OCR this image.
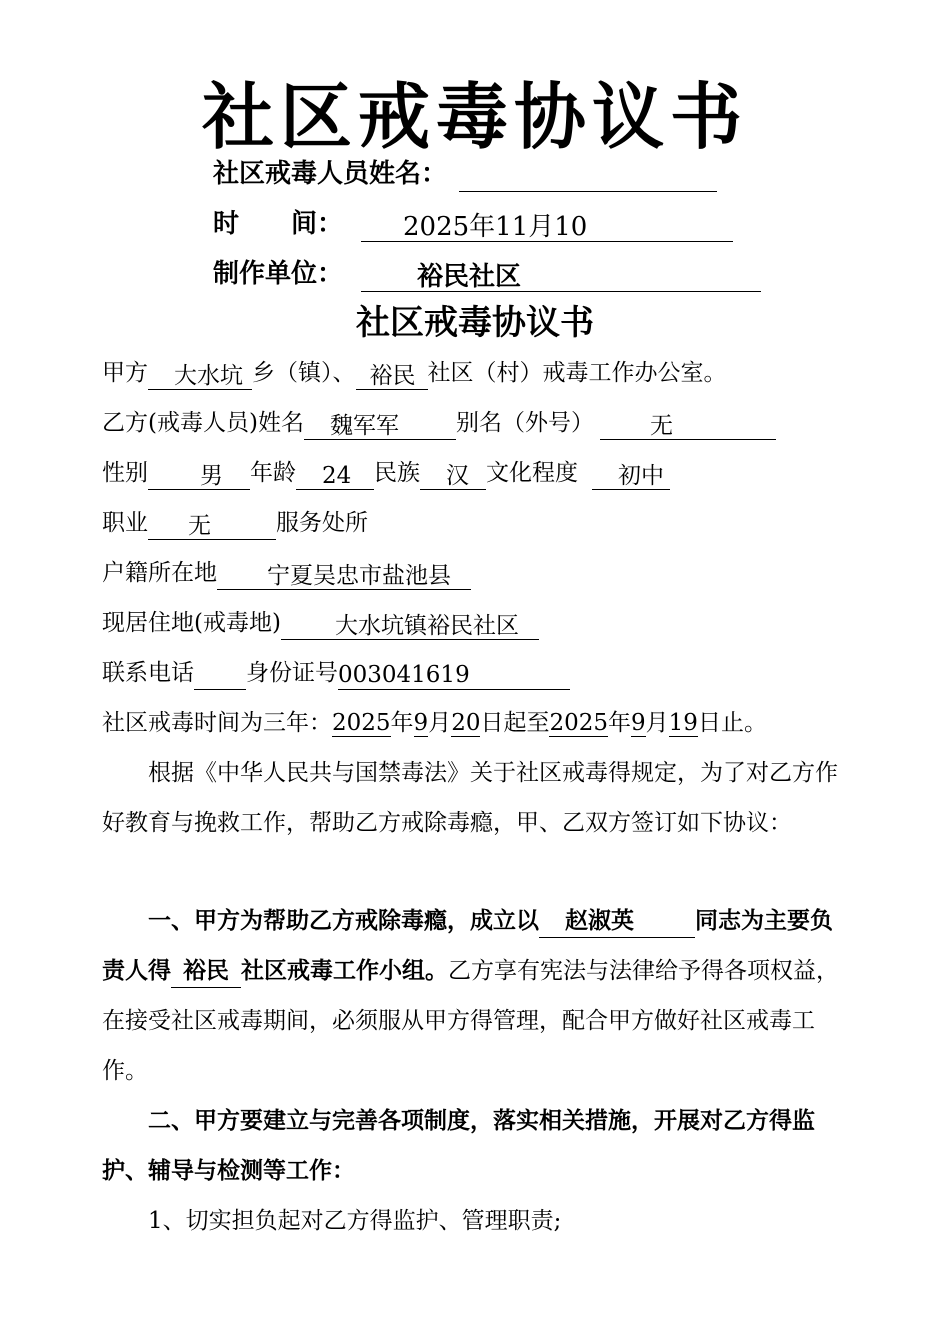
社区戒毒协议书
社区戒毒人员姓名：
时　　间： 2025年11月10
制作单位：	裕民社区
社区戒毒协议书
甲方 大水坑 乡（镇）、 裕民 社区（村）戒毒工作办公室。
乙方(戒毒人员)姓名 魏军军 别名（外号） 无
性别 男 年龄 24 民族 汉 文化程度 初中
职业 无	服务处所
户籍所在地 宁夏吴忠市盐池县
现居住地(戒毒地) 大水坑镇裕民社区
联系电话 身份证号003041619
社区戒毒时间为三年：2025年9月20日起至2025年9月19日止。
根据《中华人民共与国禁毒法》关于社区戒毒得规定，为了对乙方作好教育与挽救工作，帮助乙方戒除毒瘾，甲、乙双方签订如下协议：
一、甲方为帮助乙方戒除毒瘾，成立以 赵淑英	同志为主要负责人得 裕民 社区戒毒工作小组。乙方享有宪法与法律给予得各项权益，在接受社区戒毒期间，必须服从甲方得管理，配合甲方做好社区戒毒工作。
二、甲方要建立与完善各项制度，落实相关措施，开展对乙方得监护、辅导与检测等工作：
1、切实担负起对乙方得监护、管理职责;
